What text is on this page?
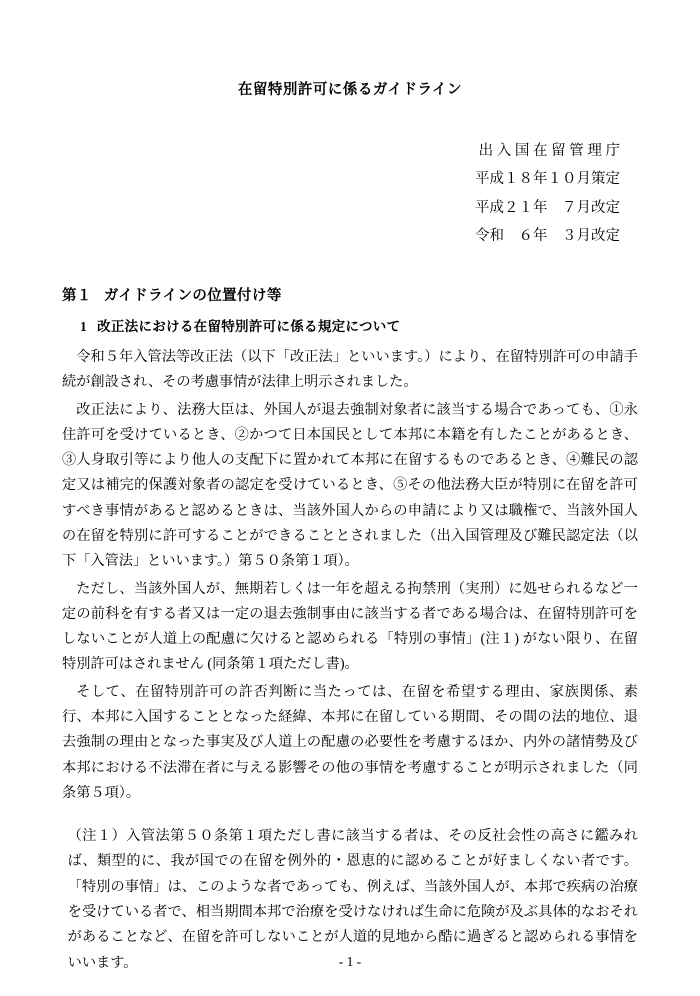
在留特別許可に係るガイドライン
出 入 国 在 留 管 理 庁
平成１８年１０月策定
平成２１年　７月改定
令和　６年　３月改定
第１ ガイドラインの位置付け等
1 改正法における在留特別許可に係る規定について

令和５年入管法等改正法（以下「改正法」といいます。）により、在留特別許可の申請手続が創設され、その考慮事情が法律上明示されました。

改正法により、法務大臣は、外国人が退去強制対象者に該当する場合であっても、①永住許可を受けているとき、②かつて日本国民として本邦に本籍を有したことがあるとき、③人身取引等により他人の支配下に置かれて本邦に在留するものであるとき、④難民の認定又は補完的保護対象者の認定を受けているとき、⑤その他法務大臣が特別に在留を許可すべき事情があると認めるときは、当該外国人からの申請により又は職権で、当該外国人の在留を特別に許可することができることとされました（出入国管理及び難民認定法（以下「入管法」といいます。）第５０条第１項）。

ただし、当該外国人が、無期若しくは一年を超える拘禁刑（実刑）に処せられるなど一定の前科を有する者又は一定の退去強制事由に該当する者である場合は、在留特別許可をしないことが人道上の配慮に欠けると認められる「特別の事情」(注１) がない限り、在留特別許可はされません (同条第１項ただし書)。

そして、在留特別許可の許否判断に当たっては、在留を希望する理由、家族関係、素行、本邦に入国することとなった経緯、本邦に在留している期間、その間の法的地位、退去強制の理由となった事実及び人道上の配慮の必要性を考慮するほか、内外の諸情勢及び本邦における不法滞在者に与える影響その他の事情を考慮することが明示されました（同条第５項）。

（注１）入管法第５０条第１項ただし書に該当する者は、その反社会性の高さに鑑みれば、類型的に、我が国での在留を例外的・恩恵的に認めることが好ましくない者です。「特別の事情」は、このような者であっても、例えば、当該外国人が、本邦で疾病の治療を受けている者で、相当期間本邦で治療を受けなければ生命に危険が及ぶ具体的なおそれがあることなど、在留を許可しないことが人道的見地から酷に過ぎると認められる事情をいいます。	- 1 -
